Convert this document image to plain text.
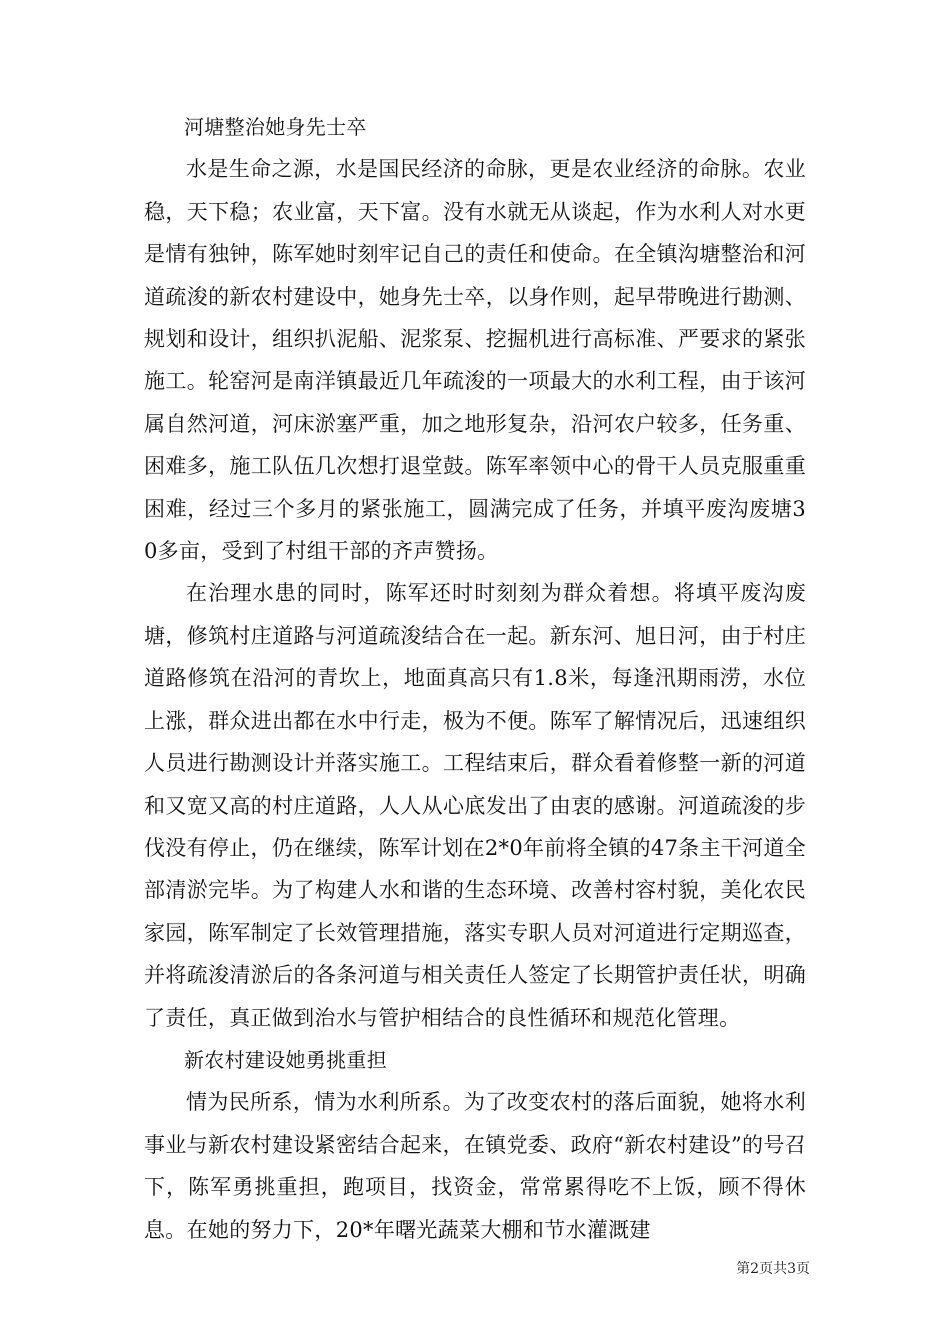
河塘整治她身先士卒

水是生命之源，水是国民经济的命脉，更是农业经济的命脉。农业稳，天下稳；农业富，天下富。没有水就无从谈起，作为水利人对水更是情有独钟，陈军她时刻牢记自己的责任和使命。在全镇沟塘整治和河道疏浚的新农村建设中，她身先士卒，以身作则，起早带晚进行勘测、规划和设计，组织扒泥船、泥浆泵、挖掘机进行高标准、严要求的紧张施工。轮窑河是南洋镇最近几年疏浚的一项最大的水利工程，由于该河属自然河道，河床淤塞严重，加之地形复杂，沿河农户较多，任务重、困难多，施工队伍几次想打退堂鼓。陈军率领中心的骨干人员克服重重困难，经过三个多月的紧张施工，圆满完成了任务，并填平废沟废塘30多亩，受到了村组干部的齐声赞扬。

在治理水患的同时，陈军还时时刻刻为群众着想。将填平废沟废塘，修筑村庄道路与河道疏浚结合在一起。新东河、旭日河，由于村庄道路修筑在沿河的青坎上，地面真高只有1.8米，每逢汛期雨涝，水位上涨，群众进出都在水中行走，极为不便。陈军了解情况后，迅速组织人员进行勘测设计并落实施工。工程结束后，群众看着修整一新的河道和又宽又高的村庄道路，人人从心底发出了由衷的感谢。河道疏浚的步伐没有停止，仍在继续，陈军计划在2*0年前将全镇的47条主干河道全部清淤完毕。为了构建人水和谐的生态环境、改善村容村貌，美化农民家园，陈军制定了长效管理措施，落实专职人员对河道进行定期巡查，并将疏浚清淤后的各条河道与相关责任人签定了长期管护责任状，明确了责任，真正做到治水与管护相结合的良性循环和规范化管理。

新农村建设她勇挑重担

情为民所系，情为水利所系。为了改变农村的落后面貌，她将水利事业与新农村建设紧密结合起来，在镇党委、政府“新农村建设”的号召下，陈军勇挑重担，跑项目，找资金，常常累得吃不上饭，顾不得休息。在她的努力下，20*年曙光蔬菜大棚和节水灌溉建

第2页共3页
